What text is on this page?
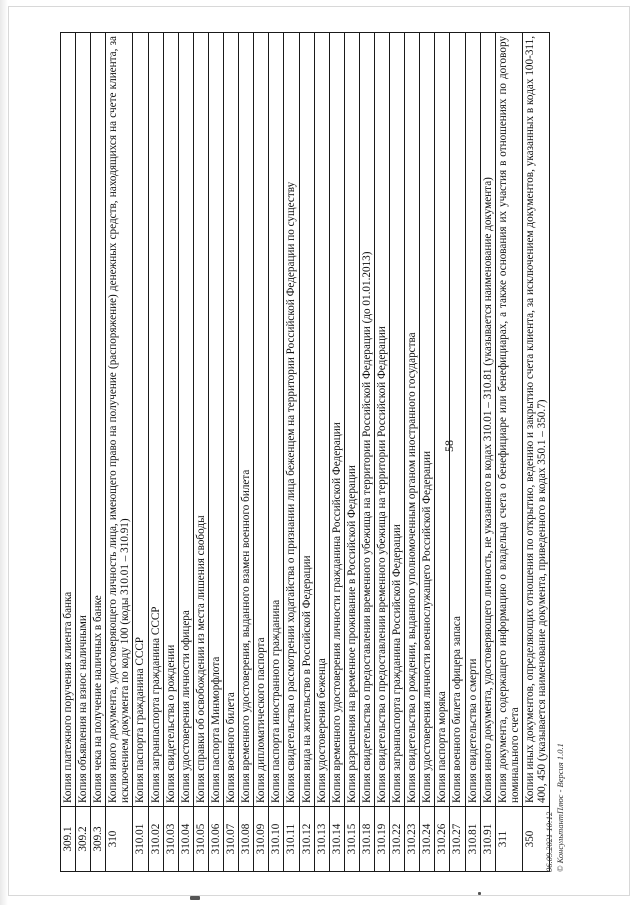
309.1	Копия платежного поручения клиента банка
309.2	Копия объявления на взнос наличными
309.3	Копия чека на получение наличных в банке
310	Копия иного документа, удостоверяющего личность лица, имеющего право на получение (распоряжение) денежных средств, находящихся на счете клиента, за исключением документа по коду 100 (коды 310.01 – 310.91)
310.01	Копия паспорта гражданина СССР
310.02	Копия загранпаспорта гражданина СССР
310.03	Копия свидетельства о рождении
310.04	Копия удостоверения личности офицера
310.05	Копия справки об освобождении из места лишения свободы
310.06	Копия паспорта Минморфлота
310.07	Копия военного билета
310.08	Копия временного удостоверения, выданного взамен военного билета
310.09	Копия дипломатического паспорта
310.10	Копия паспорта иностранного гражданина
310.11	Копия свидетельства о рассмотрении ходатайства о признании лица беженцем на территории Российской Федерации по существу
310.12	Копия вида на жительство в Российской Федерации
310.13	Копия удостоверения беженца
310.14	Копия временного удостоверения личности гражданина Российской Федерации
310.15	Копия разрешения на временное проживание в Российской Федерации
310.18	Копия свидетельства о предоставлении временного убежища на территории Российской Федерации (до 01.01.2013)
310.19	Копия свидетельства о предоставлении временного убежища на территории Российской Федерации
310.22	Копия загранпаспорта гражданина Российской Федерации
310.23	Копия свидетельства о рождении, выданного уполномоченным органом иностранного государства
310.24	Копия удостоверения личности военнослужащего Российской Федерации
310.26	Копия паспорта моряка
310.27	Копия военного билета офицера запаса
310.81	Копия свидетельства о смерти
310.91	Копия иного документа, удостоверяющего личность, не указанного в кодах 310.01 – 310.81 (указывается наименование документа)
311	Копия документа, содержащего информацию о владельца счета о бенефициаре или бенефициарах, а также основания их участия в отношениях по договору номинального счета
350	Копии иных документов, определяющих отношения по открытию, ведению и закрытию счета клиента, за исключением документов, указанных в кодах 100-311, 400, 450 (указывается наименование документа, приведенного в кодах 350.1 – 350.7)
58
06.09.2021 10:12 © КонсультантПлюс - Версия 1.0.1
